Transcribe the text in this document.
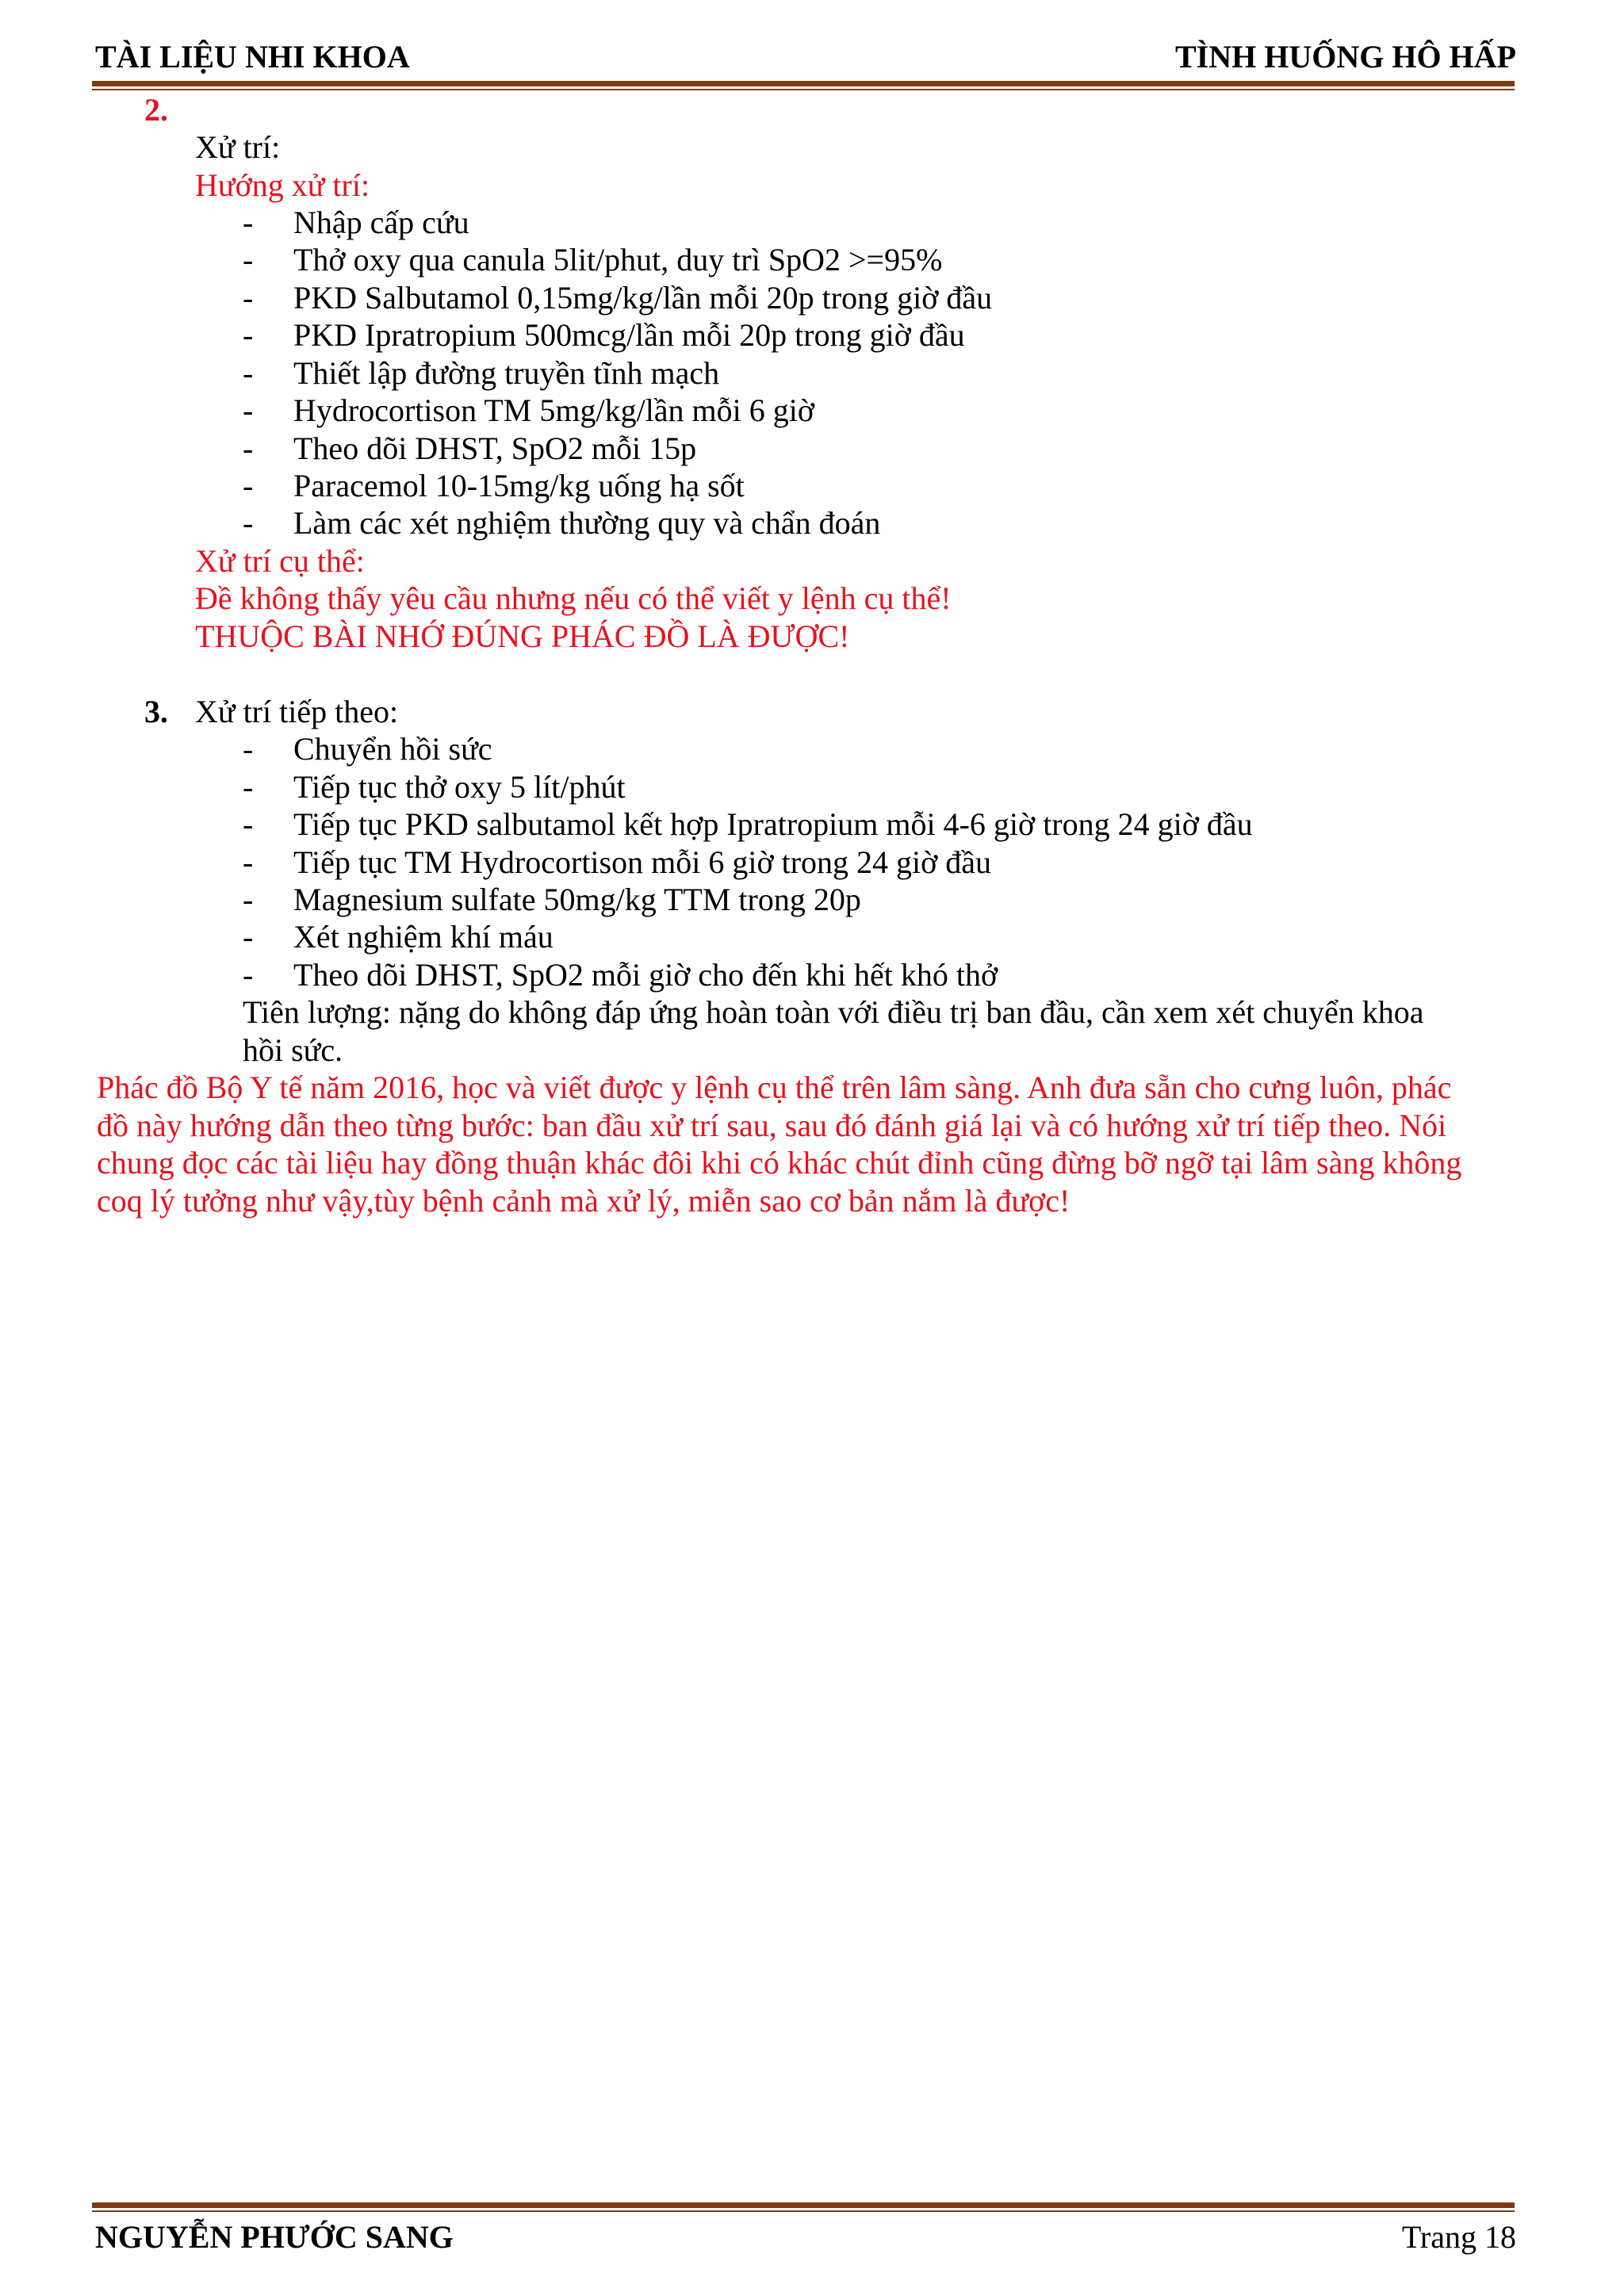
TÀI LIỆU NHI KHOA	TÌNH HUỐNG HÔ HẤP
2.
Xử trí:
Hướng xử trí:
- Nhập cấp cứu
- Thở oxy qua canula 5lit/phut, duy trì SpO2 >=95%
- PKD Salbutamol 0,15mg/kg/lần mỗi 20p trong giờ đầu
- PKD Ipratropium 500mcg/lần mỗi 20p trong giờ đầu
- Thiết lập đường truyền tĩnh mạch
- Hydrocortison TM 5mg/kg/lần mỗi 6 giờ
- Theo dõi DHST, SpO2 mỗi 15p
- Paracemol 10-15mg/kg uống hạ sốt
- Làm các xét nghiệm thường quy và chẩn đoán
Xử trí cụ thể:
Đề không thấy yêu cầu nhưng nếu có thể viết y lệnh cụ thể!
THUỘC BÀI NHỚ ĐÚNG PHÁC ĐỒ LÀ ĐƯỢC!
3. Xử trí tiếp theo:
- Chuyển hồi sức
- Tiếp tục thở oxy 5 lít/phút
- Tiếp tục PKD salbutamol kết hợp Ipratropium mỗi 4-6 giờ trong 24 giờ đầu
- Tiếp tục TM Hydrocortison mỗi 6 giờ trong 24 giờ đầu
- Magnesium sulfate 50mg/kg TTM trong 20p
- Xét nghiệm khí máu
- Theo dõi DHST, SpO2 mỗi giờ cho đến khi hết khó thở
Tiên lượng: nặng do không đáp ứng hoàn toàn với điều trị ban đầu, cần xem xét chuyển khoa
hồi sức.
Phác đồ Bộ Y tế năm 2016, học và viết được y lệnh cụ thể trên lâm sàng. Anh đưa sẵn cho cưng luôn, phác
đồ này hướng dẫn theo từng bước: ban đầu xử trí sau, sau đó đánh giá lại và có hướng xử trí tiếp theo. Nói
chung đọc các tài liệu hay đồng thuận khác đôi khi có khác chút đỉnh cũng đừng bỡ ngỡ tại lâm sàng không
coq lý tưởng như vậy,tùy bệnh cảnh mà xử lý, miễn sao cơ bản nắm là được!
NGUYỄN PHƯỚC SANG	Trang 18
